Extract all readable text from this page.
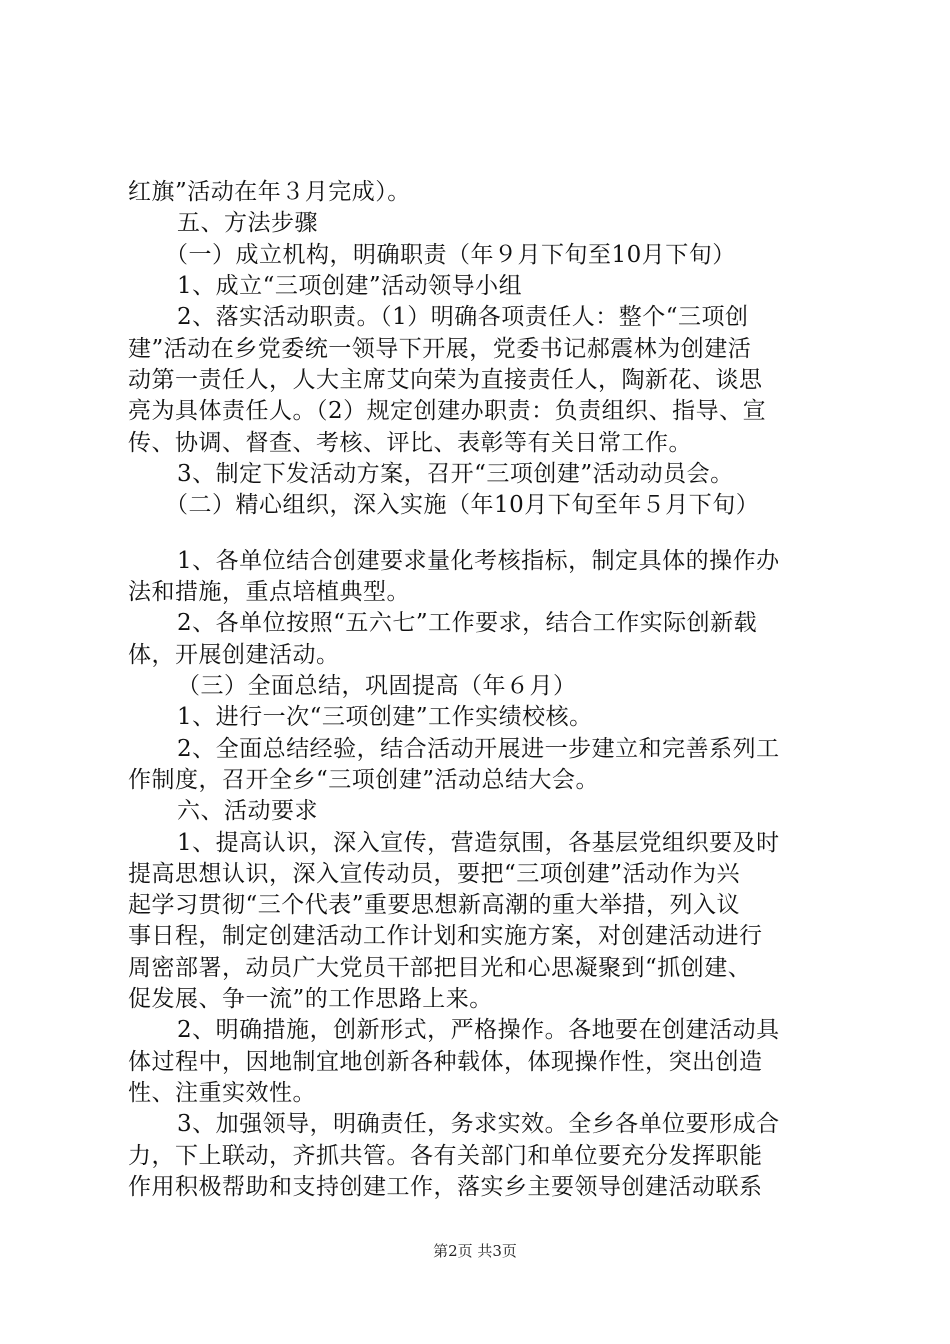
红旗”活动在年３月完成）。
五、方法步骤
（一）成立机构，明确职责（年９月下旬至10月下旬）
1、成立“三项创建”活动领导小组
2、落实活动职责。（1）明确各项责任人：整个“三项创
建”活动在乡党委统一领导下开展，党委书记郝震林为创建活
动第一责任人，人大主席艾向荣为直接责任人，陶新花、谈思
亮为具体责任人。（2）规定创建办职责：负责组织、指导、宣
传、协调、督查、考核、评比、表彰等有关日常工作。
3、制定下发活动方案，召开“三项创建”活动动员会。
（二）精心组织，深入实施（年10月下旬至年５月下旬）
1、各单位结合创建要求量化考核指标，制定具体的操作办
法和措施，重点培植典型。
2、各单位按照“五六七”工作要求，结合工作实际创新载
体，开展创建活动。
（三）全面总结，巩固提高（年６月）
1、进行一次“三项创建”工作实绩校核。
2、全面总结经验，结合活动开展进一步建立和完善系列工
作制度，召开全乡“三项创建”活动总结大会。
六、活动要求
1、提高认识，深入宣传，营造氛围，各基层党组织要及时
提高思想认识，深入宣传动员，要把“三项创建”活动作为兴
起学习贯彻“三个代表”重要思想新高潮的重大举措，列入议
事日程，制定创建活动工作计划和实施方案，对创建活动进行
周密部署，动员广大党员干部把目光和心思凝聚到“抓创建、
促发展、争一流”的工作思路上来。
2、明确措施，创新形式，严格操作。各地要在创建活动具
体过程中，因地制宜地创新各种载体，体现操作性，突出创造
性、注重实效性。
3、加强领导，明确责任，务求实效。全乡各单位要形成合
力，下上联动，齐抓共管。各有关部门和单位要充分发挥职能
作用积极帮助和支持创建工作，落实乡主要领导创建活动联系
第2页 共3页
